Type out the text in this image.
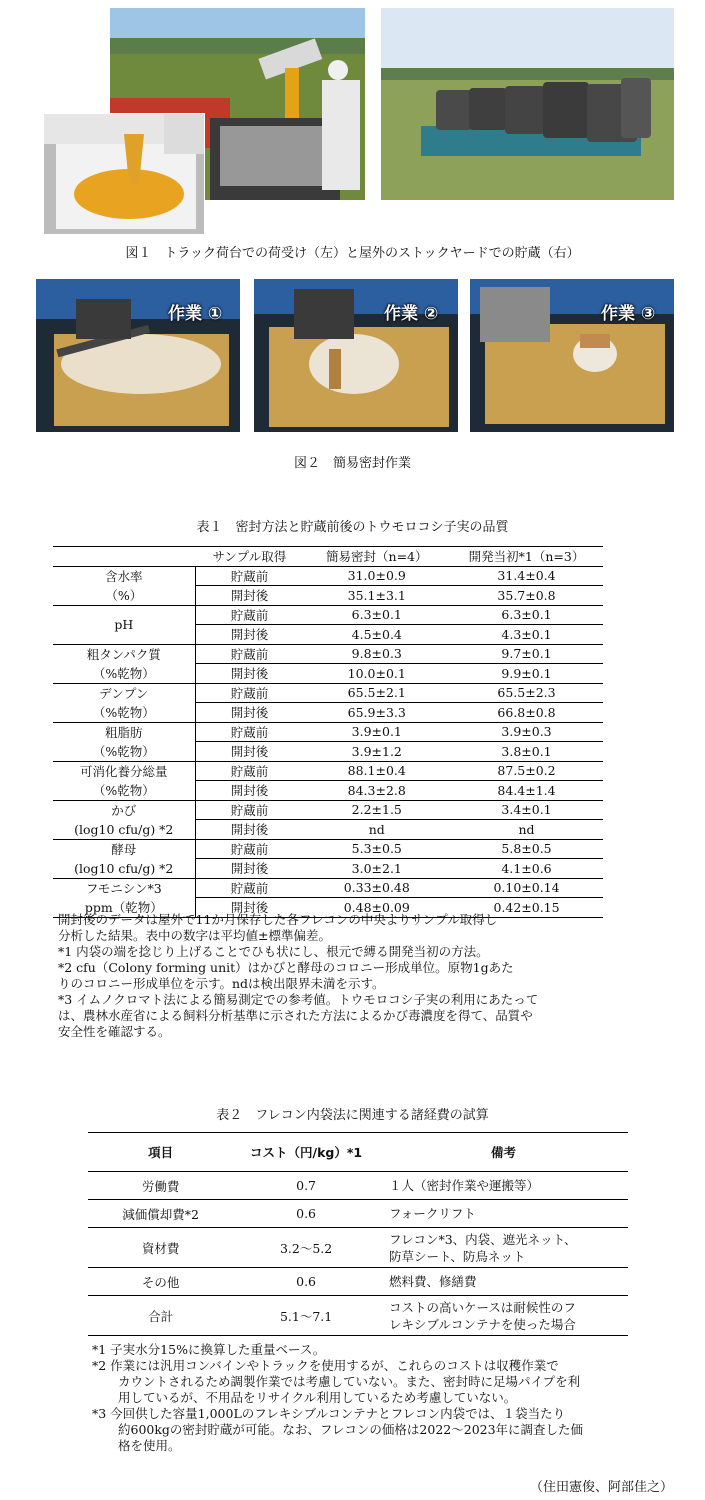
図１　トラック荷台での荷受け（左）と屋外のストックヤードでの貯蔵（右）
作業 ①	作業 ②	作業 ③
図２　簡易密封作業
表１　密封方法と貯蔵前後のトウモロコシ子実の品質
	サンプル取得	簡易密封（n=4）	開発当初*1（n=3）
含水率	貯蔵前	31.0±0.9	31.4±0.4
（%）	開封後	35.1±3.1	35.7±0.8
pH	貯蔵前	6.3±0.1	6.3±0.1
	開封後	4.5±0.4	4.3±0.1
粗タンパク質	貯蔵前	9.8±0.3	9.7±0.1
（%乾物）	開封後	10.0±0.1	9.9±0.1
デンプン	貯蔵前	65.5±2.1	65.5±2.3
（%乾物）	開封後	65.9±3.3	66.8±0.8
粗脂肪	貯蔵前	3.9±0.1	3.9±0.3
（%乾物）	開封後	3.9±1.2	3.8±0.1
可消化養分総量	貯蔵前	88.1±0.4	87.5±0.2
（%乾物）	開封後	84.3±2.8	84.4±1.4
かび	貯蔵前	2.2±1.5	3.4±0.1
(log10 cfu/g) *2	開封後	nd	nd
酵母	貯蔵前	5.3±0.5	5.8±0.5
(log10 cfu/g) *2	開封後	3.0±2.1	4.1±0.6
フモニシン*3	貯蔵前	0.33±0.48	0.10±0.14
ppm（乾物）	開封後	0.48±0.09	0.42±0.15
開封後のデータは屋外で11か月保存した各フレコンの中央よりサンプル取得し
分析した結果。表中の数字は平均値±標準偏差。
*1 内袋の端を捻じり上げることでひも状にし、根元で縛る開発当初の方法。
*2 cfu（Colony forming unit）はかびと酵母のコロニー形成単位。原物1gあた
りのコロニー形成単位を示す。ndは検出限界未満を示す。
*3 イムノクロマト法による簡易測定での参考値。トウモロコシ子実の利用にあたって
は、農林水産省による飼料分析基準に示された方法によるかび毒濃度を得て、品質や
安全性を確認する。
表２　フレコン内袋法に関連する諸経費の試算
項目	コスト（円/kg）*1	備考
労働費	0.7	１人（密封作業や運搬等）

減価償却費*2	0.6	フォークリフト

資材費	3.2～5.2	フレコン*3、内袋、遮光ネット、
防草シート、防鳥ネット

その他	0.6	燃料費、修繕費

合計	5.1～7.1	コストの高いケースは耐候性のフ
レキシブルコンテナを使った場合
*1 子実水分15%に換算した重量ベース。
*2 作業には汎用コンバインやトラックを使用するが、これらのコストは収穫作業で
カウントされるため調製作業では考慮していない。また、密封時に足場パイプを利
用しているが、不用品をリサイクル利用しているため考慮していない。
*3 今回供した容量1,000Lのフレキシブルコンテナとフレコン内袋では、１袋当たり
約600kgの密封貯蔵が可能。なお、フレコンの価格は2022～2023年に調査した価
格を使用。
（住田憲俊、阿部佳之）
